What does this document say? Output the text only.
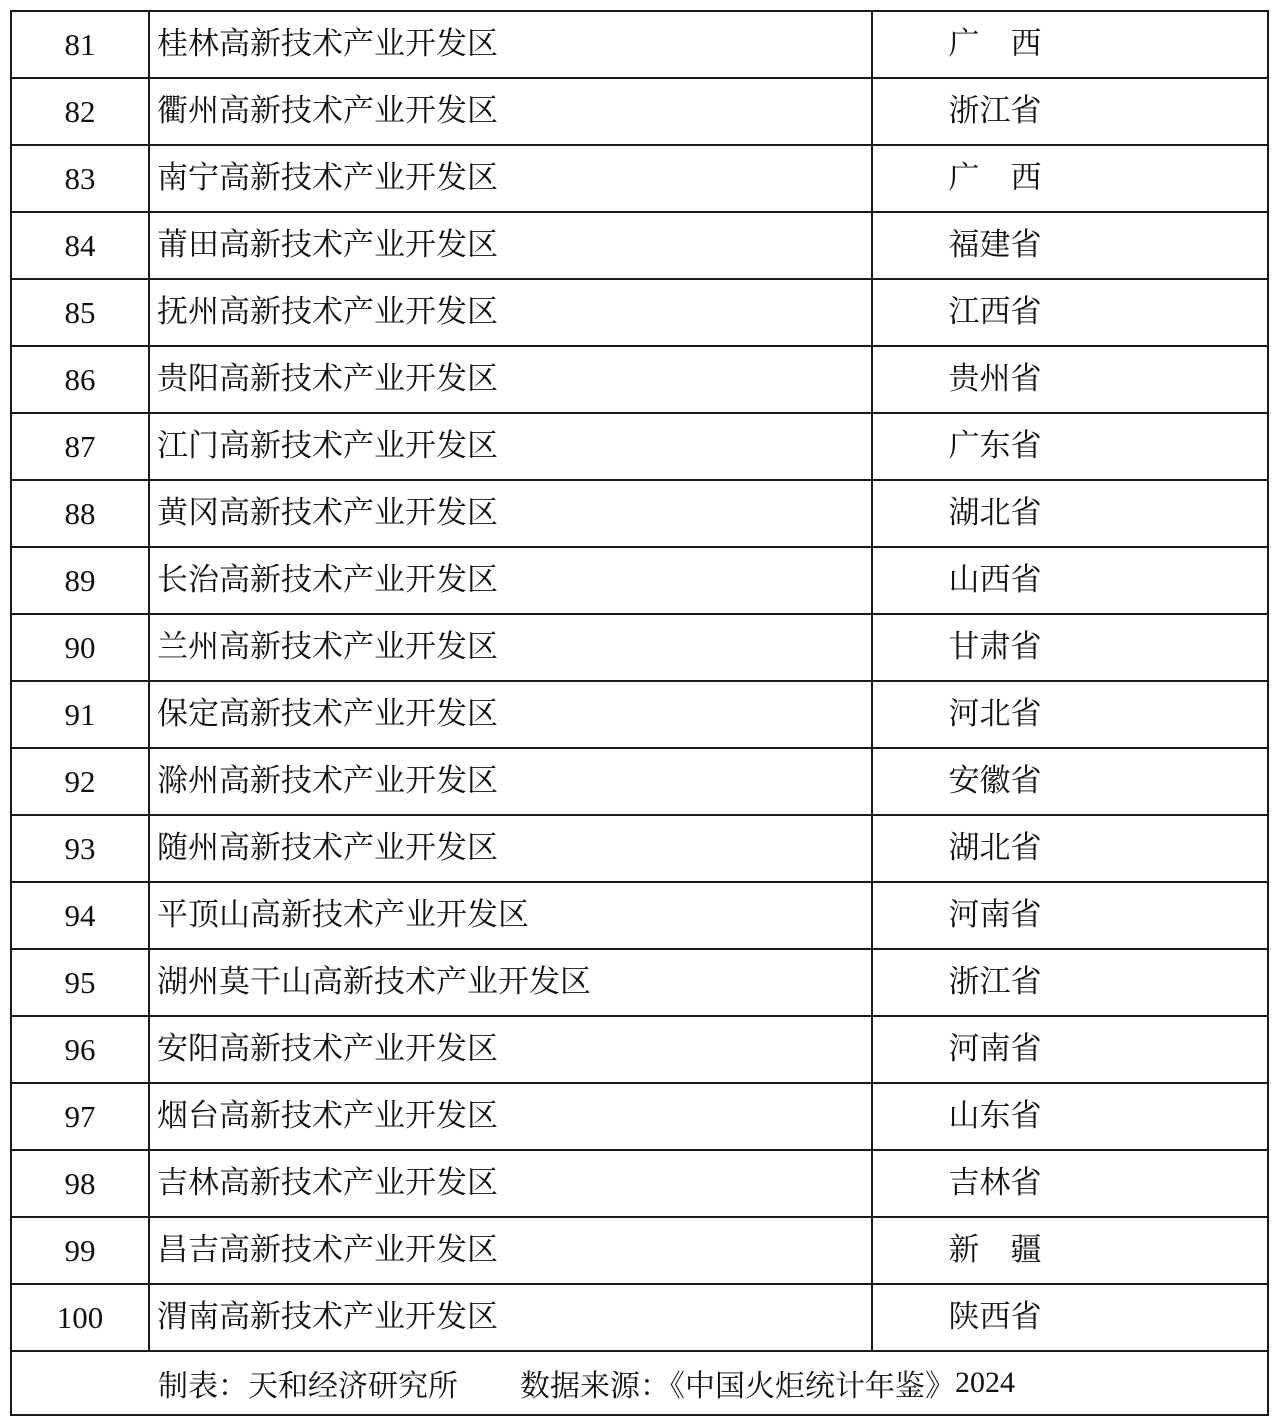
81	桂林高新技术产业开发区	广　西
82	衢州高新技术产业开发区	浙江省
83	南宁高新技术产业开发区	广　西
84	莆田高新技术产业开发区	福建省
85	抚州高新技术产业开发区	江西省
86	贵阳高新技术产业开发区	贵州省
87	江门高新技术产业开发区	广东省
88	黄冈高新技术产业开发区	湖北省
89	长治高新技术产业开发区	山西省
90	兰州高新技术产业开发区	甘肃省
91	保定高新技术产业开发区	河北省
92	滁州高新技术产业开发区	安徽省
93	随州高新技术产业开发区	湖北省
94	平顶山高新技术产业开发区	河南省
95	湖州莫干山高新技术产业开发区	浙江省
96	安阳高新技术产业开发区	河南省
97	烟台高新技术产业开发区	山东省
98	吉林高新技术产业开发区	吉林省
99	昌吉高新技术产业开发区	新　疆
100	渭南高新技术产业开发区	陕西省
制表：天和经济研究所 数据来源：《中国火炬统计年鉴》 2024
